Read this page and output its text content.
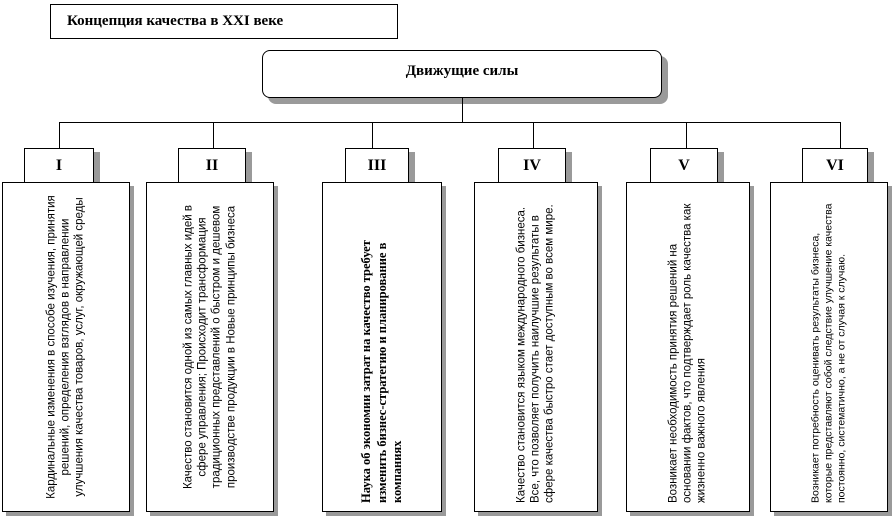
Концепция качества в XXI веке
Движущие силы
I
Кардинальные изменения в способе изучения, принятия решений, определения взглядов в направлении улучшения качества товаров, услуг, окружающей среды
II
Качество становится одной из самых главных идей в сфере управления; Происходит трансформация традиционных представлений о быстром и дешевом производстве продукции в Новые принципы бизнеса
III
Наука об экономии затрат на качество требует изменить бизнес-стратегию и планирование в компаниях
IV
Качество становится языком международного бизнеса. Все, что позволяет получить наилучшие результаты в сфере качества быстро стает доступным во всем мире.
V
Возникает необходимость принятия решений на основании фактов, что подтверждает роль качества как жизненно важного явления
VI
Возникает потребность оценивать результаты бизнеса, которые представляют собой следствие улучшение качества постоянно, систематично, а не от случая к случаю.
